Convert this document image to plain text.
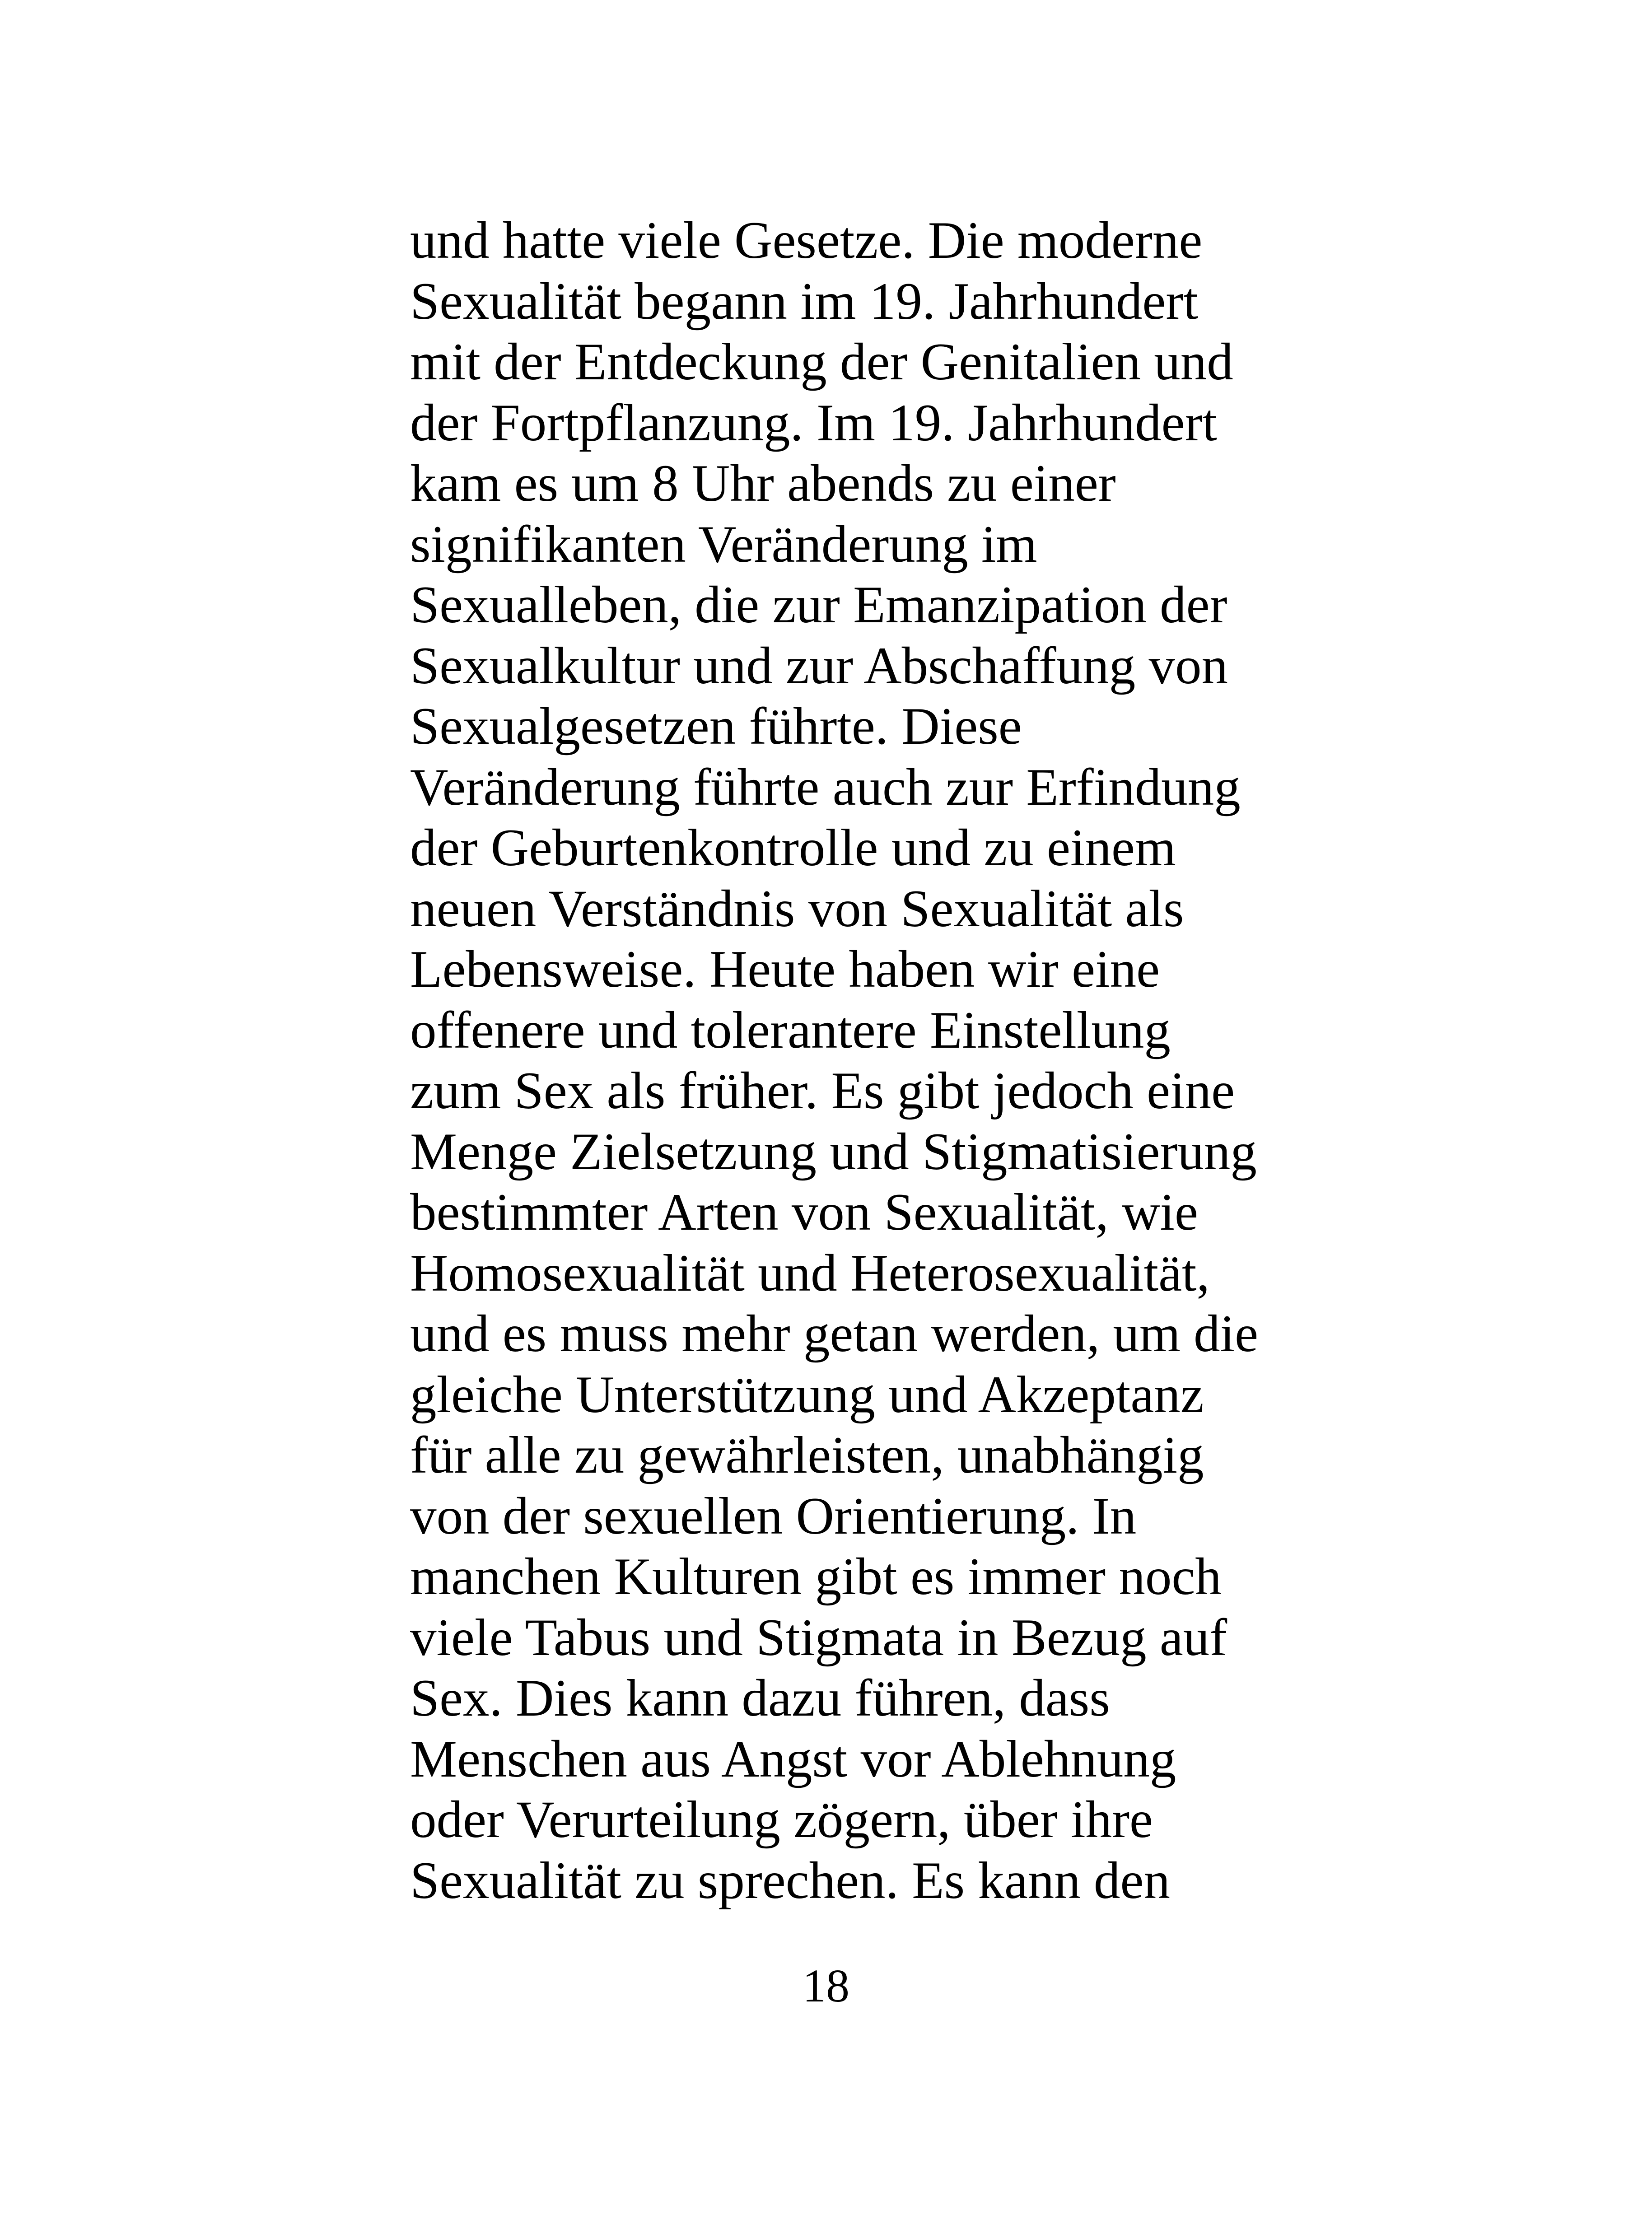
und hatte viele Gesetze. Die moderne
Sexualität begann im 19. Jahrhundert
mit der Entdeckung der Genitalien und
der Fortpflanzung. Im 19. Jahrhundert
kam es um 8 Uhr abends zu einer
signifikanten Veränderung im
Sexualleben, die zur Emanzipation der
Sexualkultur und zur Abschaffung von
Sexualgesetzen führte. Diese
Veränderung führte auch zur Erfindung
der Geburtenkontrolle und zu einem
neuen Verständnis von Sexualität als
Lebensweise. Heute haben wir eine
offenere und tolerantere Einstellung
zum Sex als früher. Es gibt jedoch eine
Menge Zielsetzung und Stigmatisierung
bestimmter Arten von Sexualität, wie
Homosexualität und Heterosexualität,
und es muss mehr getan werden, um die
gleiche Unterstützung und Akzeptanz
für alle zu gewährleisten, unabhängig
von der sexuellen Orientierung. In
manchen Kulturen gibt es immer noch
viele Tabus und Stigmata in Bezug auf
Sex. Dies kann dazu führen, dass
Menschen aus Angst vor Ablehnung
oder Verurteilung zögern, über ihre
Sexualität zu sprechen. Es kann den
18
